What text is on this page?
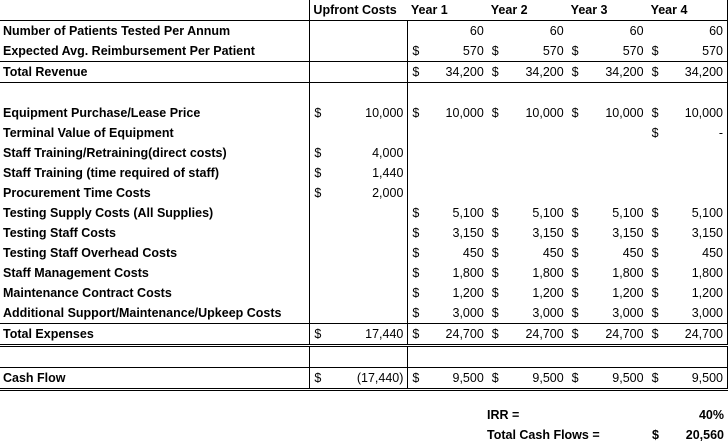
	Upfront Costs	Year 1	Year 2	Year 3	Year 4
Number of Patients Tested Per Annum		60	60	60	60

Expected Avg. Reimbursement Per Patient		$ 570	$ 570	$ 570	$ 570

Total Revenue		$ 34,200	$ 34,200	$ 34,200	$ 34,200

Equipment Purchase/Lease Price	$ 10,000	$ 10,000	$ 10,000	$ 10,000	$ 10,000

Terminal Value of Equipment					$ -

Staff Training/Retraining(direct costs)	$ 4,000				

Staff Training (time required of staff)	$ 1,440				

Procurement Time Costs	$ 2,000				

Testing Supply Costs (All Supplies)		$ 5,100	$ 5,100	$ 5,100	$ 5,100

Testing Staff Costs		$ 3,150	$ 3,150	$ 3,150	$ 3,150

Testing Staff Overhead Costs		$ 450	$ 450	$ 450	$ 450

Staff Management Costs		$ 1,800	$ 1,800	$ 1,800	$ 1,800

Maintenance Contract Costs		$ 1,200	$ 1,200	$ 1,200	$ 1,200

Additional Support/Maintenance/Upkeep Costs		$ 3,000	$ 3,000	$ 3,000	$ 3,000

Total Expenses	$ 17,440	$ 24,700	$ 24,700	$ 24,700	$ 24,700

Cash Flow	$ (17,440)	$ 9,500	$ 9,500	$ 9,500	$ 9,500
IRR =	40%
Total Cash Flows =	$ 20,560
